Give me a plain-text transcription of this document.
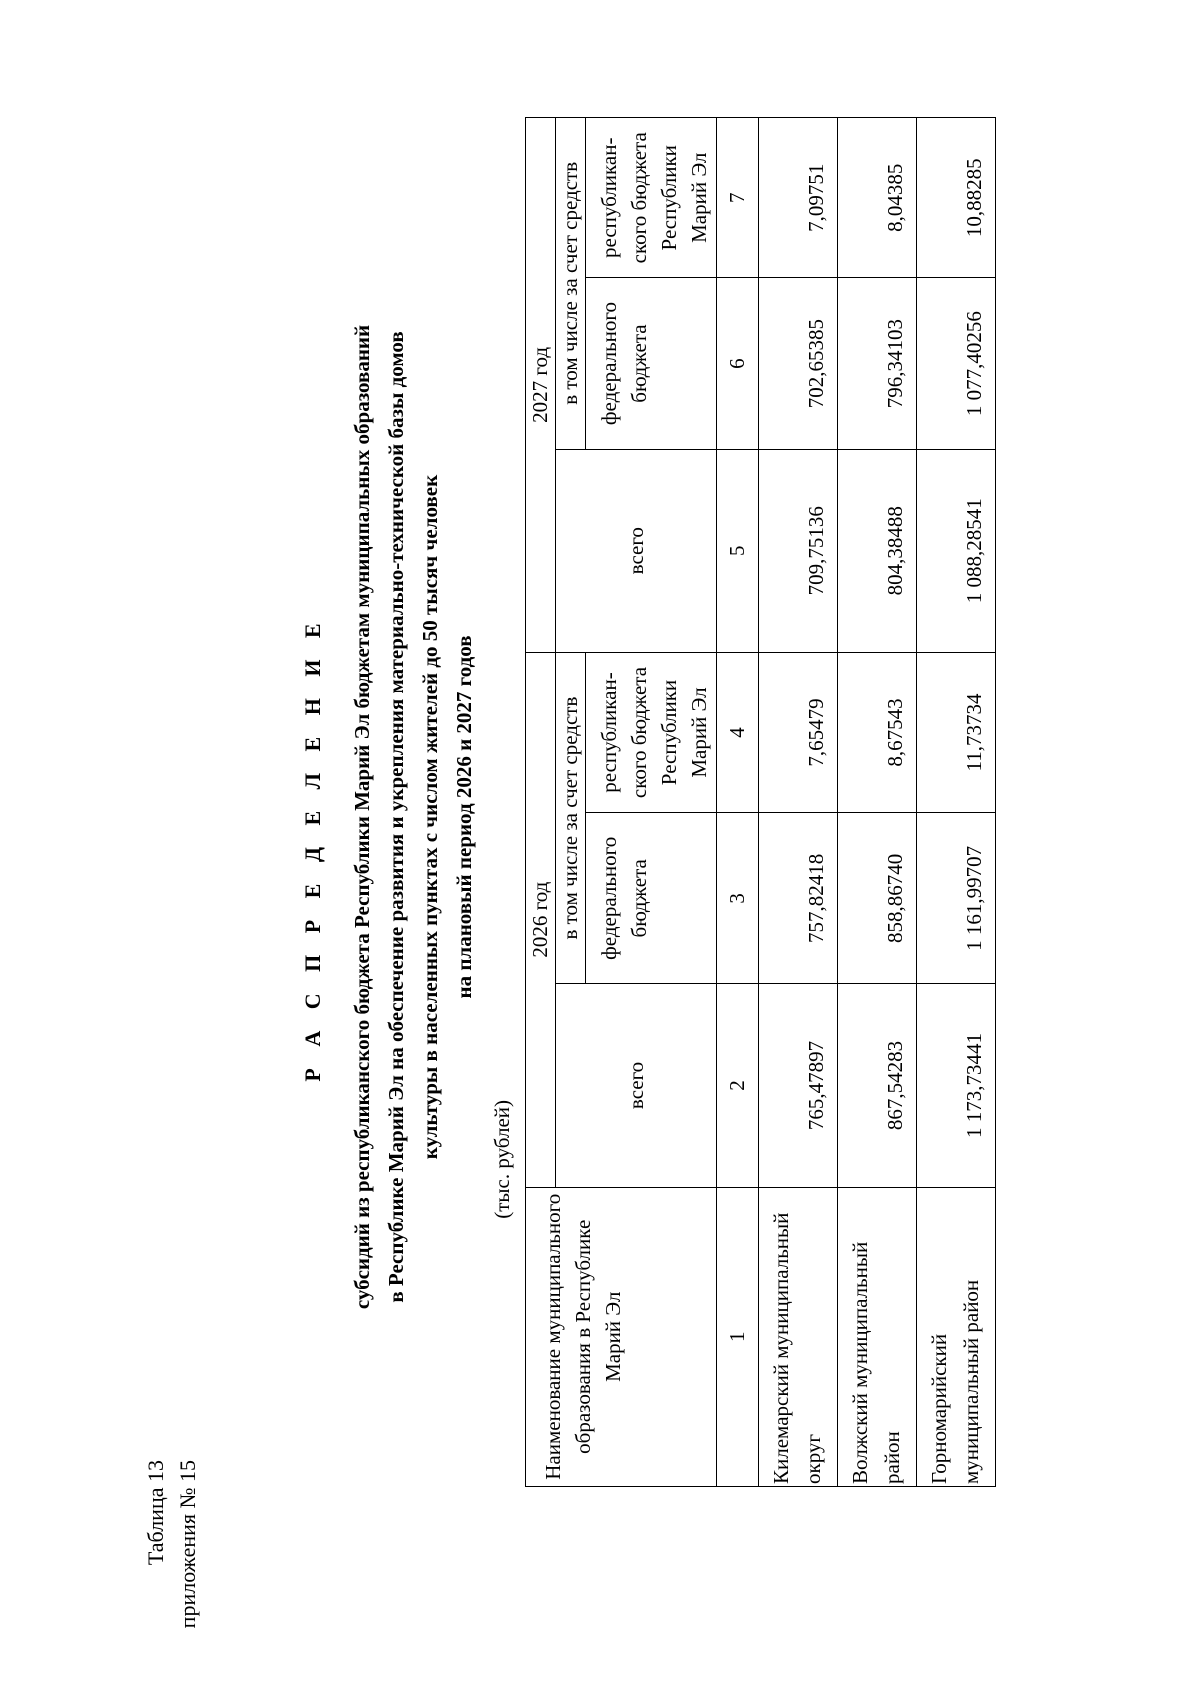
Таблица 13 приложения № 15
Р А С П Р Е Д Е Л Е Н И Е субсидий из республиканского бюджета Республики Марий Эл бюджетам муниципальных образований в Республике Марий Эл на обеспечение развития и укрепления материально-технической базы домов культуры в населенных пунктах с числом жителей до 50 тысяч человек на плановый период 2026 и 2027 годов
(тыс. рублей)
Наименование муниципального образования в Республике Марий Эл	2026 год			2027 год		
	всего	в том числе за счет средств		всего	в том числе за счет средств	
		федерального бюджета	республикан-ского бюджета Республики Марий Эл		федерального бюджета	республикан-ского бюджета Республики Марий Эл
1	2	3	4	5	6	7
Килемарский муниципальный округ	765,47897	757,82418	7,65479	709,75136	702,65385	7,09751
Волжский муниципальный район	867,54283	858,86740	8,67543	804,38488	796,34103	8,04385
Горномарийский муниципальный район	1 173,73441	1 161,99707	11,73734	1 088,28541	1 077,40256	10,88285
